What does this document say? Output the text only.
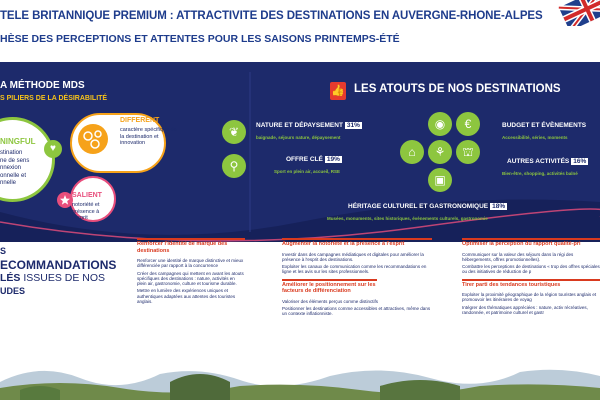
TÈLE BRITANNIQUE PREMIUM : ATTRACTIVITÉ DES DESTINATIONS EN AUVERGNE-RHÔNE-ALPES
HÈSE DES PERCEPTIONS ET ATTENTES POUR LES SAISONS PRINTEMPS-ÉTÉ
A MÉTHODE MDS
S PILIERS DE LA DÉSIRABILITÉ
NINGFUL
stination
ne de sens
nnexion
onnelle et
nnelle
♥
DIFFERENT
caractère spécifique de la destination et innovation
SALIENT
notoriété et présence à l'esprit
👍 LES ATOUTS DE NOS DESTINATIONS
❦	NATURE ET DÉPAYSEMENT 31%
baignade, séjours nature, dépaysement
⚲	OFFRE CLÉ 19%
Sport en plein air, accueil, RSE
⌂	⚘
◉
⛫
▣
€
HÉRITAGE CULTUREL ET GASTRONOMIQUE 18%
Musées, monuments, sites historiques, évènements culturels, gastronomie
BUDGET ET ÉVÈNEMENTS
Accessibilité, séries, moments
AUTRES ACTIVITÉS 16%
Bien-être, shopping, activités balné
S
ECOMMANDATIONS
LÉS ISSUES DE NOS
UDES
Renforcer l'identité de marque des destinations

Renforcer une identité de marque distinctive et mieux différenciée par rapport à la concurrence

Créer des campagnes qui mettent en avant les atouts spécifiques des destinations : nature, activités en plein air, gastronomie, culture et tourisme durable.

Mettre en lumière des expériences uniques et authentiques adaptées aux attentes des touristes anglais.

Augmenter la notoriété et la présence à l'esprit

Investir dans des campagnes médiatiques et digitales pour améliorer la présence à l'esprit des destinations.

Exploiter les canaux de communication comme les recommandations en ligne et les avis sur les sites professionnels.

Améliorer le positionnement sur les facteurs de différenciation

Valoriser des éléments perçus comme distinctifs

Positionner les destinations comme accessibles et attractives, même dans un contexte inflationniste.

Optimiser la perception du rapport qualité-pri

Communiquer sur la valeur des séjours dans la régi des hébergements, offres promotionnelles).

Combattre les perceptions de destinations « trop des offres spéciales ou des initiatives de réduction de p

Tirer parti des tendances touristiques

Exploiter la proximité géographique de la région touristes anglais et promouvoir les itinéraires de voyag

Intégrer des thématiques appréciées : nature, activ récréatives, randonnée, et patrimoine culturel et gastr
